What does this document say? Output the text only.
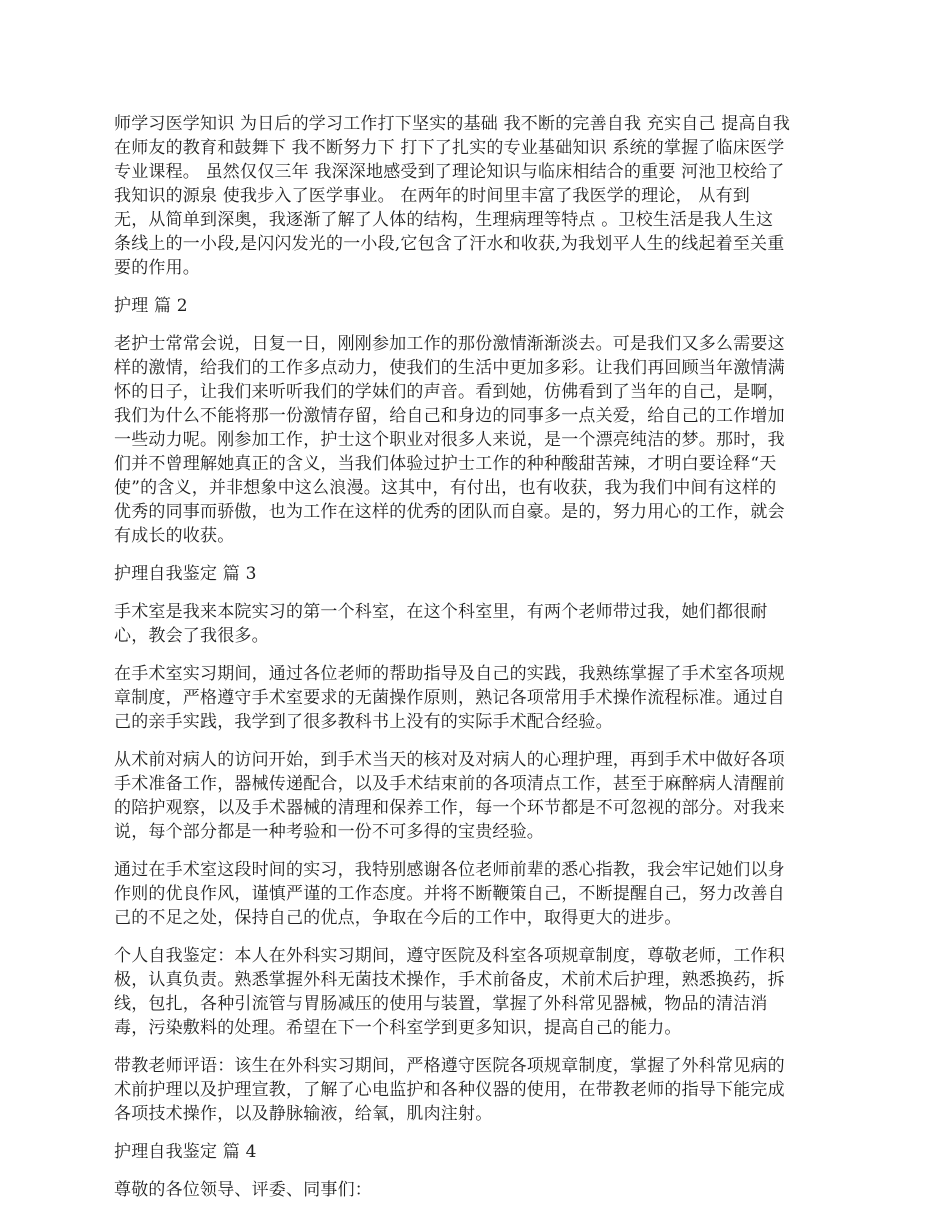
师学习医学知识 为日后的学习工作打下坚实的基础 我不断的完善自我 充实自己 提高自我
在师友的教育和鼓舞下 我不断努力下 打下了扎实的专业基础知识 系统的掌握了临床医学
专业课程。 虽然仅仅三年 我深深地感受到了理论知识与临床相结合的重要 河池卫校给了
我知识的源泉 使我步入了医学事业。 在两年的时间里丰富了我医学的理论， 从有到
无，从简单到深奥，我逐渐了解了人体的结构，生理病理等特点 。卫校生活是我人生这
条线上的一小段,是闪闪发光的一小段,它包含了汗水和收获,为我划平人生的线起着至关重
要的作用。
护理 篇 2
老护士常常会说，日复一日，刚刚参加工作的那份激情渐渐淡去。可是我们又多么需要这
样的激情，给我们的工作多点动力，使我们的生活中更加多彩。让我们再回顾当年激情满
怀的日子，让我们来听听我们的学妹们的声音。看到她，仿佛看到了当年的自己，是啊，
我们为什么不能将那一份激情存留，给自己和身边的同事多一点关爱，给自己的工作增加
一些动力呢。刚参加工作，护士这个职业对很多人来说，是一个漂亮纯洁的梦。那时，我
们并不曾理解她真正的含义，当我们体验过护士工作的种种酸甜苦辣，才明白要诠释“天
使”的含义，并非想象中这么浪漫。这其中，有付出，也有收获，我为我们中间有这样的
优秀的同事而骄傲，也为工作在这样的优秀的团队而自豪。是的，努力用心的工作，就会
有成长的收获。
护理自我鉴定 篇 3
手术室是我来本院实习的第一个科室，在这个科室里，有两个老师带过我，她们都很耐
心，教会了我很多。
在手术室实习期间，通过各位老师的帮助指导及自己的实践，我熟练掌握了手术室各项规
章制度，严格遵守手术室要求的无菌操作原则，熟记各项常用手术操作流程标准。通过自
己的亲手实践，我学到了很多教科书上没有的实际手术配合经验。
从术前对病人的访问开始，到手术当天的核对及对病人的心理护理，再到手术中做好各项
手术准备工作，器械传递配合，以及手术结束前的各项清点工作，甚至于麻醉病人清醒前
的陪护观察，以及手术器械的清理和保养工作，每一个环节都是不可忽视的部分。对我来
说，每个部分都是一种考验和一份不可多得的宝贵经验。
通过在手术室这段时间的实习，我特别感谢各位老师前辈的悉心指教，我会牢记她们以身
作则的优良作风，谨慎严谨的工作态度。并将不断鞭策自己，不断提醒自己，努力改善自
己的不足之处，保持自己的优点，争取在今后的工作中，取得更大的进步。
个人自我鉴定：本人在外科实习期间，遵守医院及科室各项规章制度，尊敬老师，工作积
极，认真负责。熟悉掌握外科无菌技术操作，手术前备皮，术前术后护理，熟悉换药，拆
线，包扎，各种引流管与胃肠减压的使用与装置，掌握了外科常见器械，物品的清洁消
毒，污染敷料的处理。希望在下一个科室学到更多知识，提高自己的能力。
带教老师评语：该生在外科实习期间，严格遵守医院各项规章制度，掌握了外科常见病的
术前护理以及护理宣教，了解了心电监护和各种仪器的使用，在带教老师的指导下能完成
各项技术操作，以及静脉输液，给氧，肌肉注射。
护理自我鉴定 篇 4
尊敬的各位领导、评委、同事们：
